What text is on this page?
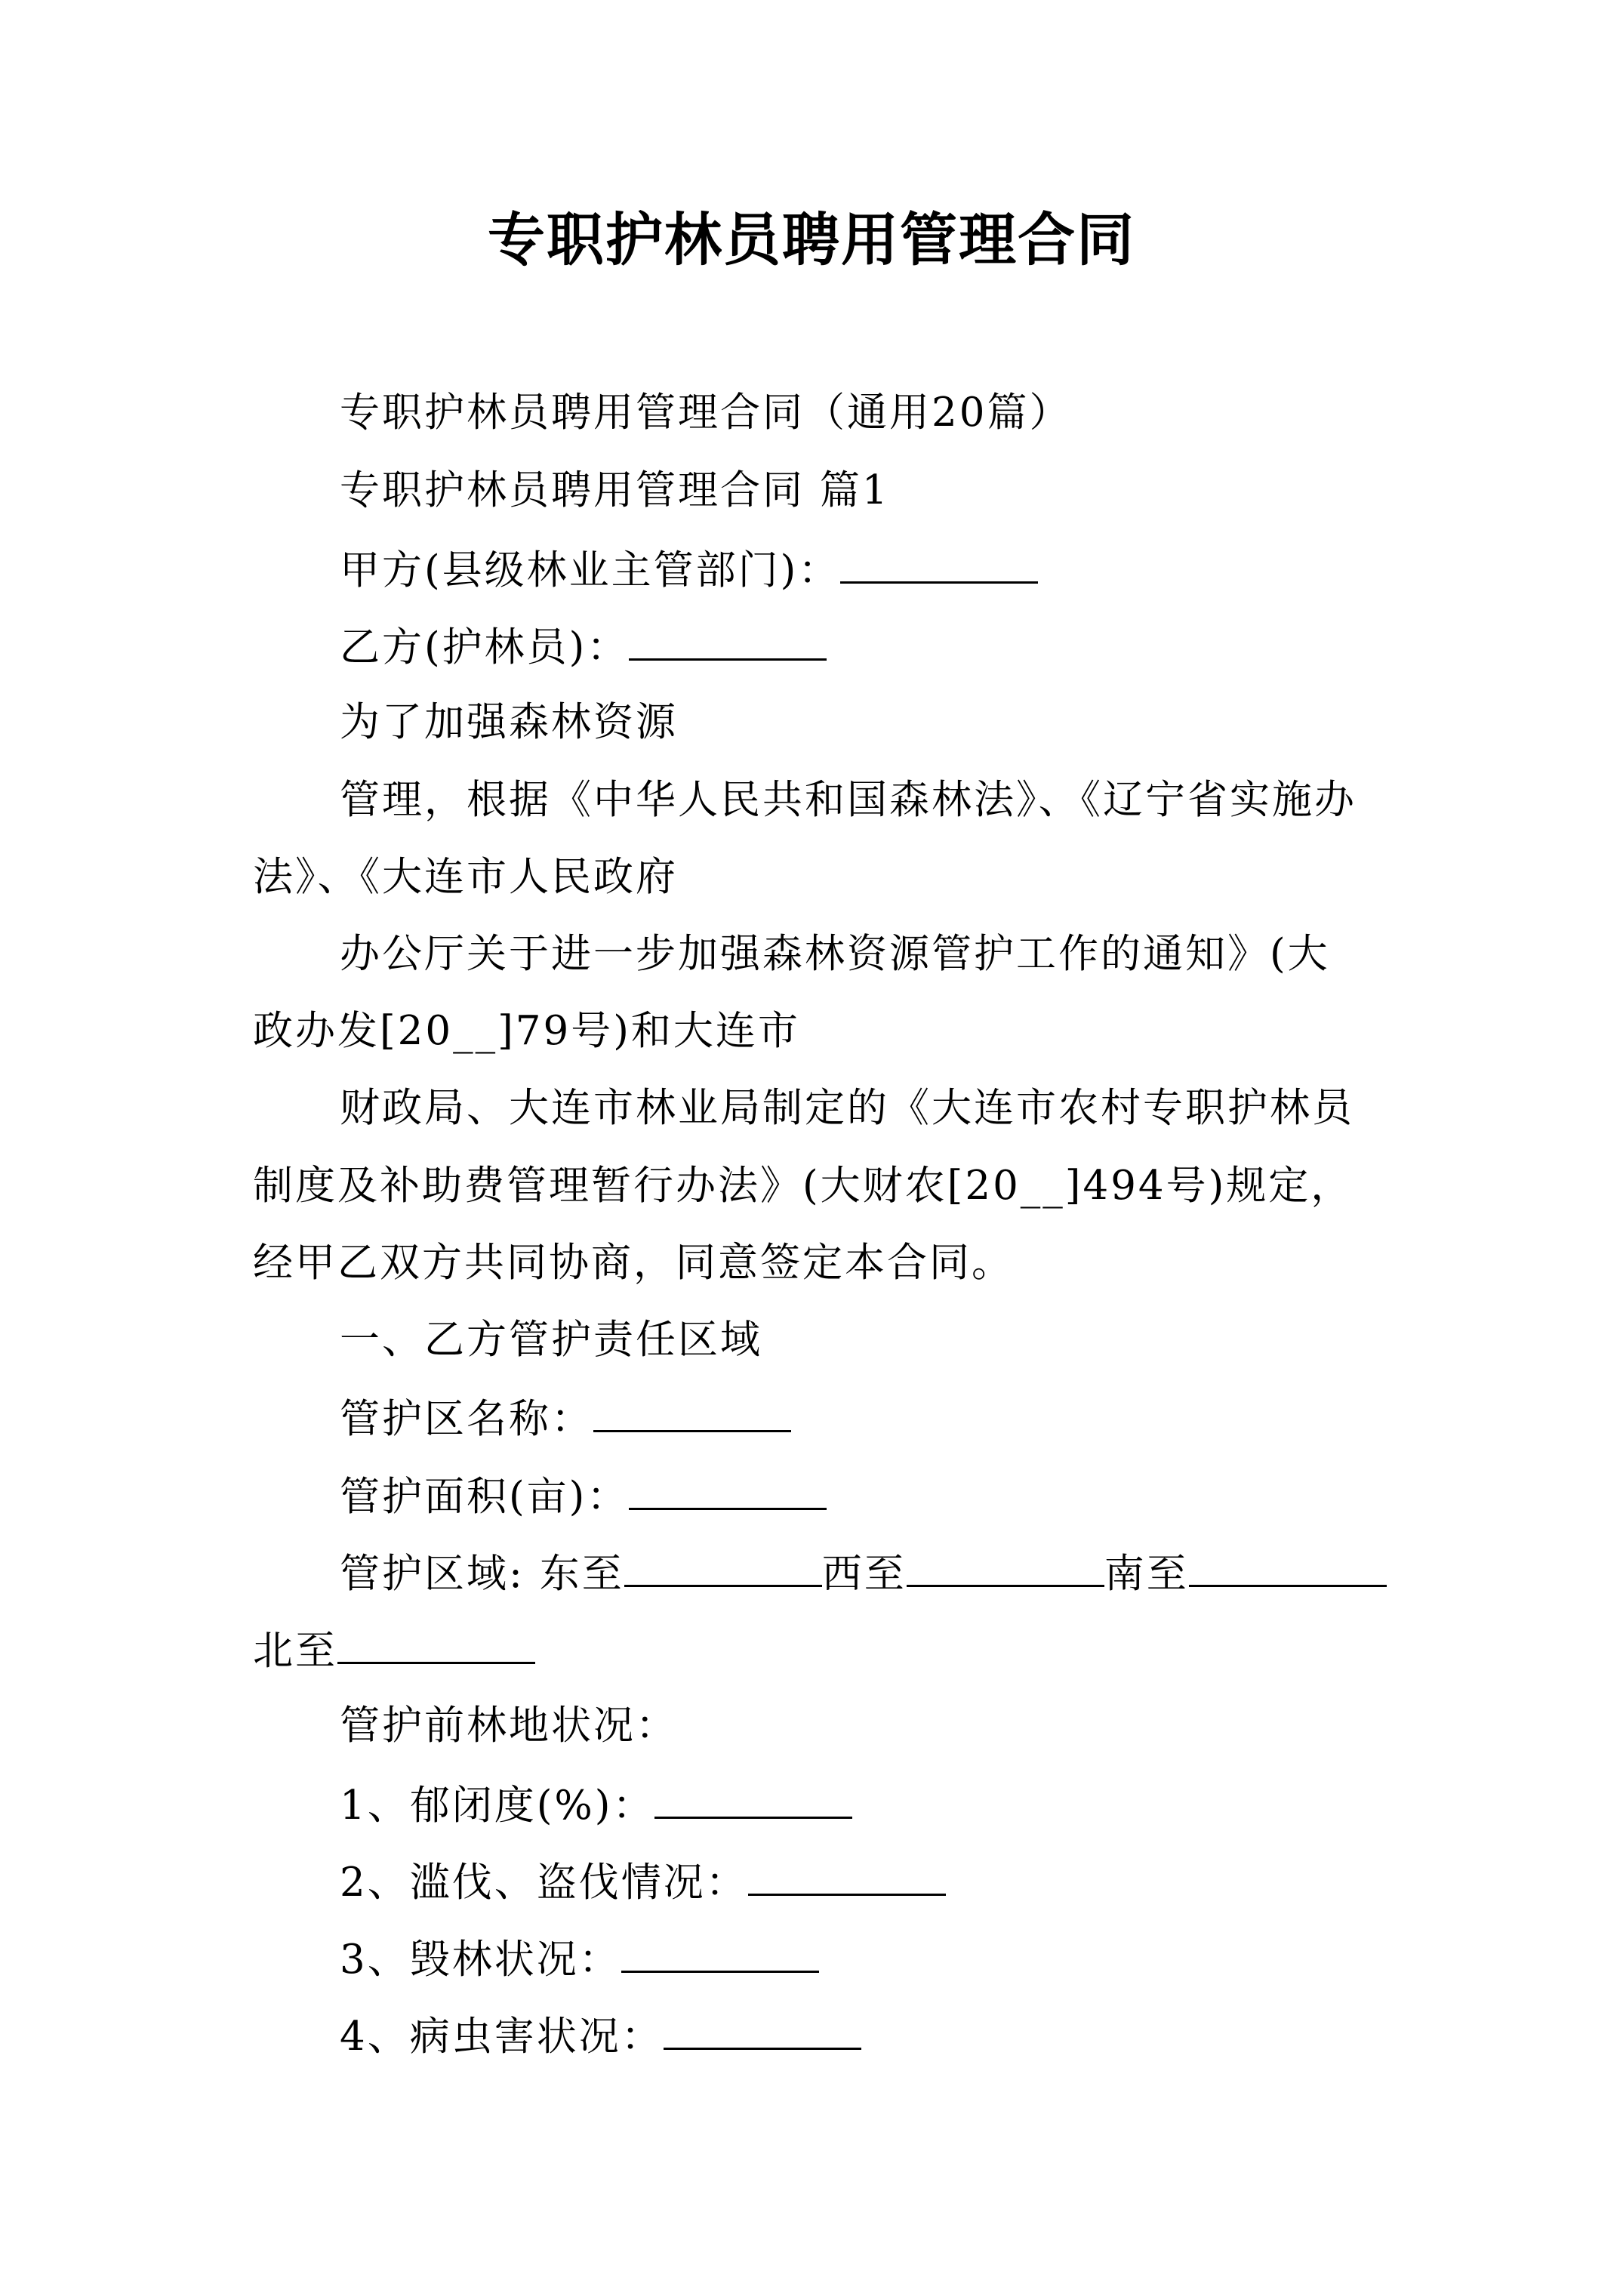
专职护林员聘用管理合同
专职护林员聘用管理合同（通用20篇）
专职护林员聘用管理合同 篇1
甲方(县级林业主管部门)：
乙方(护林员)：
为了加强森林资源
管理，根据《中华人民共和国森林法》、《辽宁省实施办
法》、《大连市人民政府
办公厅关于进一步加强森林资源管护工作的通知》(大
政办发[20__]79号)和大连市
财政局、大连市林业局制定的《大连市农村专职护林员
制度及补助费管理暂行办法》(大财农[20__]494号)规定，
经甲乙双方共同协商，同意签定本合同。
一、乙方管护责任区域
管护区名称：
管护面积(亩)：
管护区域: 东至	西至	南至
北至
管护前林地状况：
1、郁闭度(%)：
2、滥伐、盗伐情况：
3、毁林状况：
4、病虫害状况：
